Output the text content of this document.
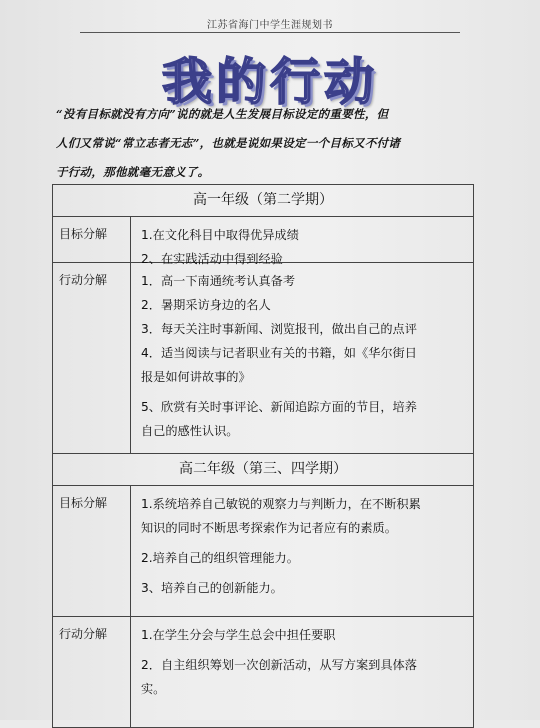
江苏省海门中学生涯规划书
我的行动

“没有目标就没有方向”说的就是人生发展目标设定的重要性，但

人们又常说“常立志者无志”，也就是说如果设定一个目标又不付诸

于行动，那他就毫无意义了。

高一年级（第二学期）
目标分解	1.在文化科目中取得优异成绩
2、在实践活动中得到经验
行动分解	1．高一下南通统考认真备考
2．暑期采访身边的名人
3．每天关注时事新闻、浏览报刊，做出自己的点评
4．适当阅读与记者职业有关的书籍，如《华尔街日
报是如何讲故事的》
5、欣赏有关时事评论、新闻追踪方面的节目，培养
自己的感性认识。
高二年级（第三、四学期）
目标分解	1.系统培养自己敏锐的观察力与判断力，在不断积累
知识的同时不断思考探索作为记者应有的素质。
2.培养自己的组织管理能力。
3、培养自己的创新能力。
行动分解	1.在学生分会与学生总会中担任要职
2．自主组织筹划一次创新活动，从写方案到具体落
实。
